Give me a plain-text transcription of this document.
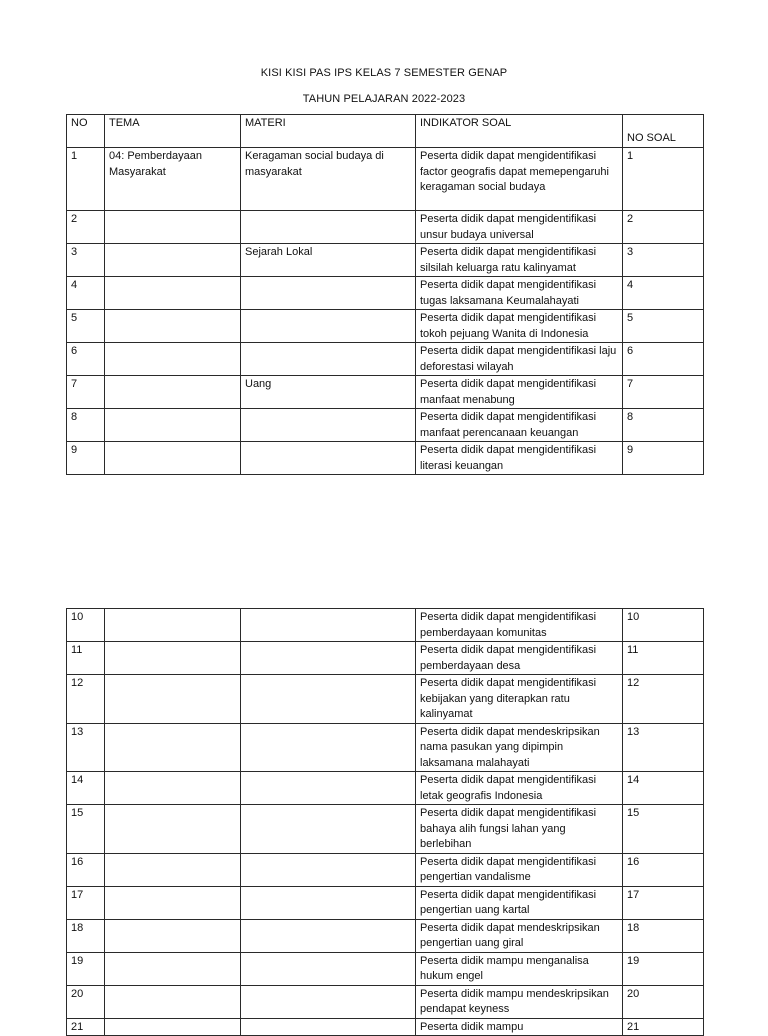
KISI KISI PAS IPS KELAS 7 SEMESTER GENAP
TAHUN PELAJARAN 2022-2023
NO	TEMA	MATERI	INDIKATOR SOAL	NO SOAL
1	04: Pemberdayaan Masyarakat	Keragaman social budaya di masyarakat	Peserta didik dapat mengidentifikasi factor geografis dapat memepengaruhi keragaman social budaya	1
2			Peserta didik dapat mengidentifikasi unsur budaya universal	2
3		Sejarah Lokal	Peserta didik dapat mengidentifikasi silsilah keluarga ratu kalinyamat	3
4			Peserta didik dapat mengidentifikasi tugas laksamana Keumalahayati	4
5			Peserta didik dapat mengidentifikasi tokoh pejuang Wanita di Indonesia	5
6			Peserta didik dapat mengidentifikasi laju deforestasi wilayah	6
7		Uang	Peserta didik dapat mengidentifikasi manfaat menabung	7
8			Peserta didik dapat mengidentifikasi manfaat perencanaan keuangan	8
9			Peserta didik dapat mengidentifikasi literasi keuangan	9
10			Peserta didik dapat mengidentifikasi pemberdayaan komunitas	10
11			Peserta didik dapat mengidentifikasi pemberdayaan desa	11
12			Peserta didik dapat mengidentifikasi kebijakan yang diterapkan ratu kalinyamat	12
13			Peserta didik dapat mendeskripsikan nama pasukan yang dipimpin laksamana malahayati	13
14			Peserta didik dapat mengidentifikasi letak geografis Indonesia	14
15			Peserta didik dapat mengidentifikasi bahaya alih fungsi lahan yang berlebihan	15
16			Peserta didik dapat mengidentifikasi pengertian vandalisme	16
17			Peserta didik dapat mengidentifikasi pengertian uang kartal	17
18			Peserta didik dapat mendeskripsikan pengertian uang giral	18
19			Peserta didik mampu menganalisa hukum engel	19
20			Peserta didik mampu mendeskripsikan pendapat keyness	20
21			Peserta didik mampu	21
